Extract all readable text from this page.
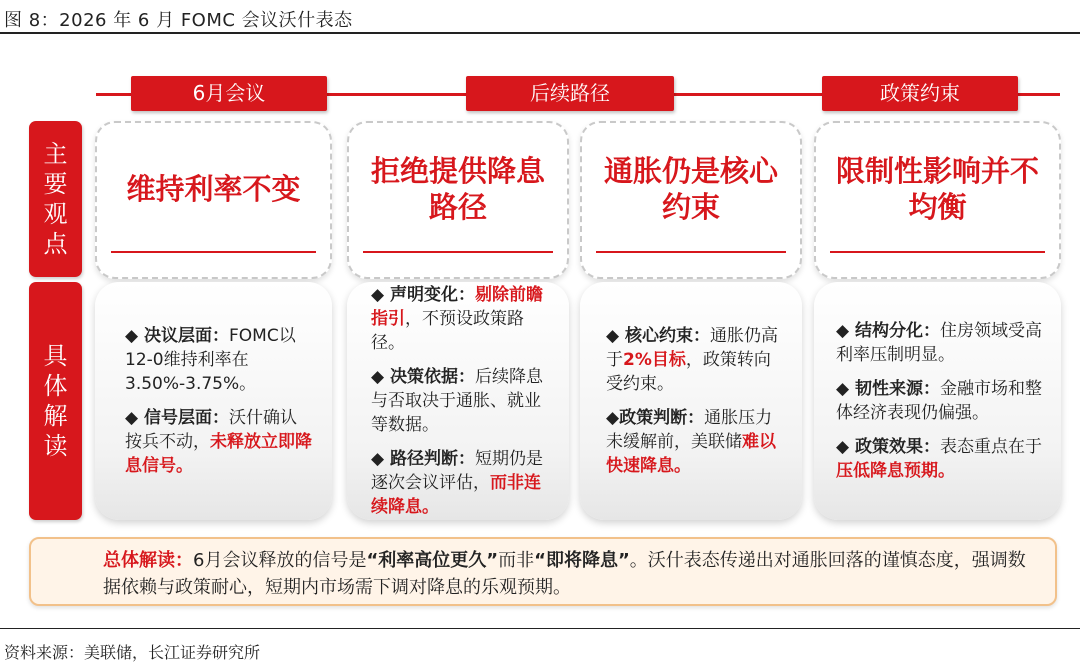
图 8：2026 年 6 月 FOMC 会议沃什表态
6月会议	后续路径	政策约束
主要观点
具体解读
维持利率不变
拒绝提供降息路径
通胀仍是核心约束
限制性影响并不均衡

◆ 决议层面：FOMC以12-0维持利率在3.50%-3.75%。

◆ 信号层面：沃什确认按兵不动，未释放立即降息信号。

◆ 声明变化：剔除前瞻指引，不预设政策路径。

◆ 决策依据：后续降息与否取决于通胀、就业等数据。

◆ 路径判断：短期仍是逐次会议评估，而非连续降息。

◆ 核心约束：通胀仍高于2%目标，政策转向受约束。

◆政策判断：通胀压力未缓解前，美联储难以快速降息。

◆ 结构分化：住房领域受高利率压制明显。

◆ 韧性来源：金融市场和整体经济表现仍偏强。

◆ 政策效果：表态重点在于压低降息预期。

总体解读：6月会议释放的信号是“利率高位更久”而非“即将降息”。沃什表态传递出对通胀回落的谨慎态度，强调数据依赖与政策耐心，短期内市场需下调对降息的乐观预期。
资料来源：美联储，长江证券研究所
